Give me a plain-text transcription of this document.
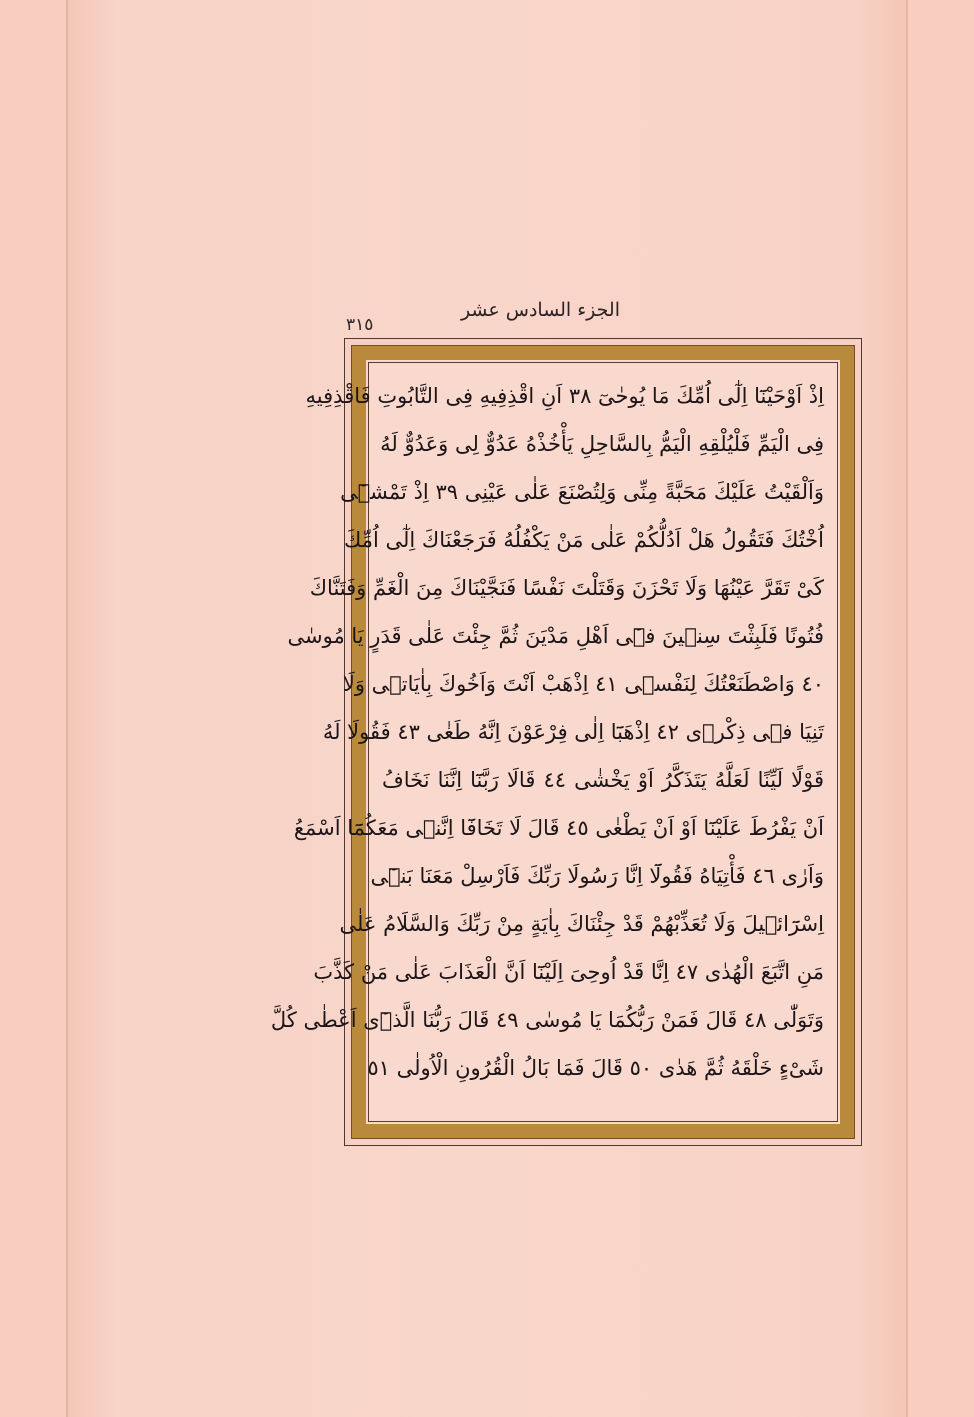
الجزء السادس عشر
٣١٥
اِذْ اَوْحَيْنَٓا اِلٰٓى اُمِّكَ مَا يُوحٰىٓ ٣٨ اَنِ اقْذِفِيهِ فِى التَّابُوتِ فَاقْذِفِيهِ
فِى الْيَمِّ فَلْيُلْقِهِ الْيَمُّ بِالسَّاحِلِ يَأْخُذْهُ عَدُوٌّ لِى وَعَدُوٌّ لَهُ
وَاَلْقَيْتُ عَلَيْكَ مَحَبَّةً مِنِّى وَلِتُصْنَعَ عَلٰى عَيْنِى ٣٩ اِذْ تَمْشٖٓى
اُخْتُكَ فَتَقُولُ هَلْ اَدُلُّكُمْ عَلٰى مَنْ يَكْفُلُهُ فَرَجَعْنَاكَ اِلٰٓى اُمِّكَ
كَىْ تَقَرَّ عَيْنُهَا وَلَا تَحْزَنَ وَقَتَلْتَ نَفْسًا فَنَجَّيْنَاكَ مِنَ الْغَمِّ وَفَتَنَّاكَ
فُتُونًا فَلَبِثْتَ سِنٖينَ فٖٓى اَهْلِ مَدْيَنَ ثُمَّ جِئْتَ عَلٰى قَدَرٍ يَا مُوسٰى
٤٠ وَاصْطَنَعْتُكَ لِنَفْسٖى ٤١ اِذْهَبْ اَنْتَ وَاَخُوكَ بِاٰيَاتٖى وَلَا
تَنِيَا فٖى ذِكْرٖى ٤٢ اِذْهَبَٓا اِلٰى فِرْعَوْنَ اِنَّهُ طَغٰى ٤٣ فَقُولَا لَهُ
قَوْلًا لَيِّنًا لَعَلَّهُ يَتَذَكَّرُ اَوْ يَخْشٰى ٤٤ قَالَا رَبَّنَٓا اِنَّنَا نَخَافُ
اَنْ يَفْرُطَ عَلَيْنَٓا اَوْ اَنْ يَطْغٰى ٤٥ قَالَ لَا تَخَافَٓا اِنَّنٖى مَعَكُمَٓا اَسْمَعُ
وَاَرٰى ٤٦ فَأْتِيَاهُ فَقُولَٓا اِنَّا رَسُولَا رَبِّكَ فَاَرْسِلْ مَعَنَا بَنٖٓى
اِسْرَٓائٖيلَ وَلَا تُعَذِّبْهُمْ قَدْ جِئْنَاكَ بِاٰيَةٍ مِنْ رَبِّكَ وَالسَّلَامُ عَلٰى
مَنِ اتَّبَعَ الْهُدٰى ٤٧ اِنَّا قَدْ اُوحِىَ اِلَيْنَٓا اَنَّ الْعَذَابَ عَلٰى مَنْ كَذَّبَ
وَتَوَلّٰى ٤٨ قَالَ فَمَنْ رَبُّكُمَا يَا مُوسٰى ٤٩ قَالَ رَبُّنَا الَّذٖٓى اَعْطٰى كُلَّ
شَىْءٍ خَلْقَهُ ثُمَّ هَدٰى ٥٠ قَالَ فَمَا بَالُ الْقُرُونِ الْاُولٰى ٥١
